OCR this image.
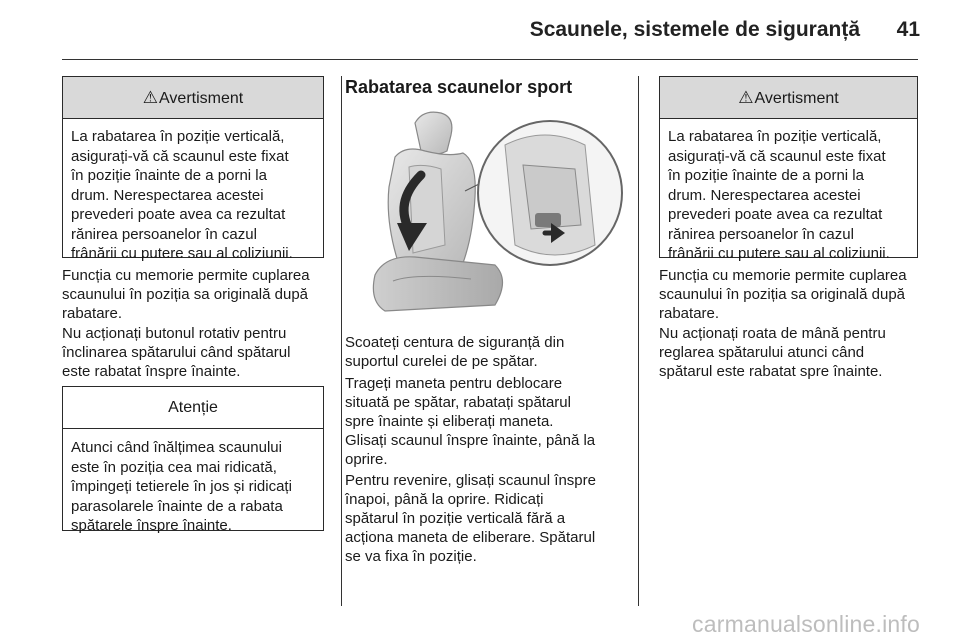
Scaunele, sistemele de siguranță 41
⚠Avertisment
La rabatarea în poziție verticală,
asigurați-vă că scaunul este fixat
în poziție înainte de a porni la
drum. Nerespectarea acestei
prevederi poate avea ca rezultat
rănirea persoanelor în cazul
frânării cu putere sau al coliziunii.
Funcția cu memorie permite cuplarea
scaunului în poziția sa originală după
rabatare.
Nu acționați butonul rotativ pentru
înclinarea spătarului când spătarul
este rabatat înspre înainte.
Atenție
Atunci când înălțimea scaunului
este în poziția cea mai ridicată,
împingeți tetierele în jos și ridicați
parasolarele înainte de a rabata
spătarele înspre înainte.
Rabatarea scaunelor sport
Scoateți centura de siguranță din
suportul curelei de pe spătar.
Trageți maneta pentru deblocare
situată pe spătar, rabatați spătarul
spre înainte și eliberați maneta.
Glisați scaunul înspre înainte, până la
oprire.
Pentru revenire, glisați scaunul înspre
înapoi, până la oprire. Ridicați
spătarul în poziție verticală fără a
acționa maneta de eliberare. Spătarul
se va fixa în poziție.
⚠Avertisment
La rabatarea în poziție verticală,
asigurați-vă că scaunul este fixat
în poziție înainte de a porni la
drum. Nerespectarea acestei
prevederi poate avea ca rezultat
rănirea persoanelor în cazul
frânării cu putere sau al coliziunii.
Funcția cu memorie permite cuplarea
scaunului în poziția sa originală după
rabatare.
Nu acționați roata de mână pentru
reglarea spătarului atunci când
spătarul este rabatat spre înainte.
carmanualsonline.info
